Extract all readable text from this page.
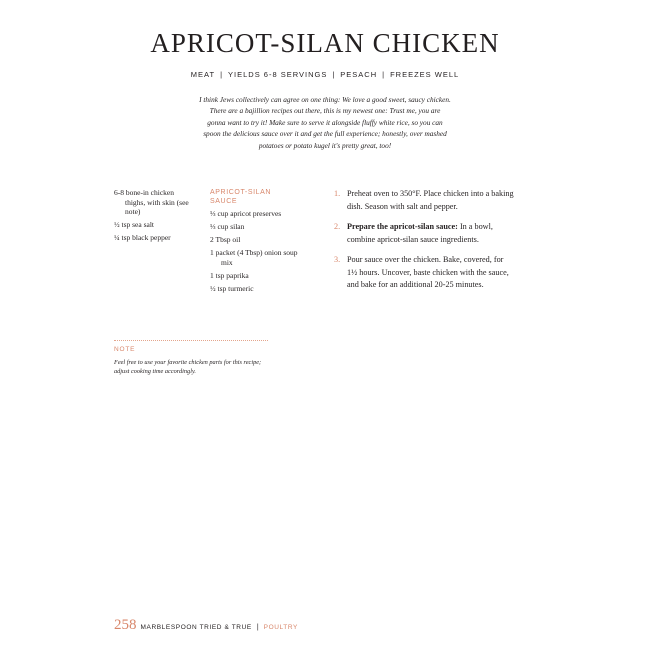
APRICOT-SILAN CHICKEN
MEAT | YIELDS 6-8 SERVINGS | PESACH | FREEZES WELL
I think Jews collectively can agree on one thing: We love a good sweet, saucy chicken.
There are a bajillion recipes out there, this is my newest one: Trust me, you are
gonna want to try it! Make sure to serve it alongside fluffy white rice, so you can
spoon the delicious sauce over it and get the full experience; honestly, over mashed
potatoes or potato kugel it's pretty great, too!
6-8 bone-in chicken thighs, with skin (see note)
½ tsp sea salt
¼ tsp black pepper
APRICOT-SILAN
SAUCE
⅓ cup apricot preserves
⅓ cup silan
2 Tbsp oil
1 packet (4 Tbsp) onion soup mix
1 tsp paprika
½ tsp turmeric
1. Preheat oven to 350°F. Place chicken into a baking dish. Season with salt and pepper.
2. Prepare the apricot-silan sauce: In a bowl, combine apricot-silan sauce ingredients.
3. Pour sauce over the chicken. Bake, covered, for 1½ hours. Uncover, baste chicken with the sauce, and bake for an additional 20-25 minutes.
NOTE
Feel free to use your favorite chicken parts for this recipe; adjust cooking time accordingly.
258 MARBLESPOON TRIED & TRUE | POULTRY
